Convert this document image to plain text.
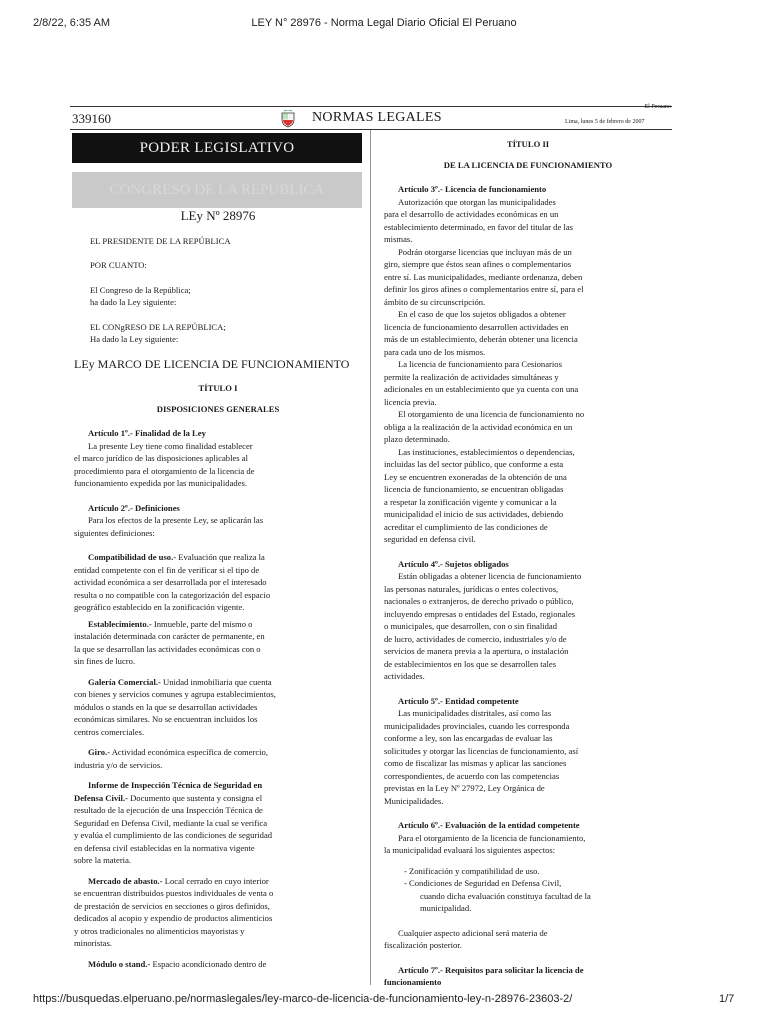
2/8/22, 6:35 AM	LEY N° 28976 - Norma Legal Diario Oficial El Peruano
https://busquedas.elperuano.pe/normaslegales/ley-marco-de-licencia-de-funcionamiento-ley-n-28976-23603-2/	1/7
339160	NORMAS LEGALES
El Peruano
Lima, lunes 5 de febrero de 2007
PODER LEGISLATIVO
CONGRESO DE LA REPUBLICA

LEy Nº 28976

EL PRESIDENTE DE LA REPÚBLICA

POR CUANTO:

El Congreso de la República;

ha dado la Ley siguiente:

EL CONgRESO DE LA REPÚBLICA;

Ha dado la Ley siguiente:

LEy MARCO DE LICENCIA DE FUNCIONAMIENTO

TÍTULO I

DISPOSICIONES GENERALES

Artículo 1º.- Finalidad de la Ley

La presente Ley tiene como finalidad establecer

el marco jurídico de las disposiciones aplicables al

procedimiento para el otorgamiento de la licencia de

funcionamiento expedida por las municipalidades.

Artículo 2º.- Definiciones

Para los efectos de la presente Ley, se aplicarán las

siguientes definiciones:

Compatibilidad de uso.- Evaluación que realiza la

entidad competente con el fin de verificar si el tipo de

actividad económica a ser desarrollada por el interesado

resulta o no compatible con la categorización del espacio

geográfico establecido en la zonificación vigente.

Establecimiento.- Inmueble, parte del mismo o

instalación determinada con carácter de permanente, en

la que se desarrollan las actividades económicas con o

sin fines de lucro.

Galería Comercial.- Unidad inmobiliaria que cuenta

con bienes y servicios comunes y agrupa establecimientos,

módulos o stands en la que se desarrollan actividades

económicas similares. No se encuentran incluidos los

centros comerciales.

Giro.- Actividad económica específica de comercio,

industria y/o de servicios.

Informe de Inspección Técnica de Seguridad en

Defensa Civil.- Documento que sustenta y consigna el

resultado de la ejecución de una Inspección Técnica de

Seguridad en Defensa Civil, mediante la cual se verifica

y evalúa el cumplimiento de las condiciones de seguridad

en defensa civil establecidas en la normativa vigente

sobre la materia.

Mercado de abasto.- Local cerrado en cuyo interior

se encuentran distribuidos puestos individuales de venta o

de prestación de servicios en secciones o giros definidos,

dedicados al acopio y expendio de productos alimenticios

y otros tradicionales no alimenticios mayoristas y

minoristas.

Módulo o stand.- Espacio acondicionado dentro de

TÍTULO II

DE LA LICENCIA DE FUNCIONAMIENTO

Artículo 3º.- Licencia de funcionamiento

Autorización que otorgan las municipalidades

para el desarrollo de actividades económicas en un

establecimiento determinado, en favor del titular de las

mismas.

Podrán otorgarse licencias que incluyan más de un

giro, siempre que éstos sean afines o complementarios

entre sí. Las municipalidades, mediante ordenanza, deben

definir los giros afines o complementarios entre sí, para el

ámbito de su circunscripción.

En el caso de que los sujetos obligados a obtener

licencia de funcionamiento desarrollen actividades en

más de un establecimiento, deberán obtener una licencia

para cada uno de los mismos.

La licencia de funcionamiento para Cesionarios

permite la realización de actividades simultáneas y

adicionales en un establecimiento que ya cuenta con una

licencia previa.

El otorgamiento de una licencia de funcionamiento no

obliga a la realización de la actividad económica en un

plazo determinado.

Las instituciones, establecimientos o dependencias,

incluidas las del sector público, que conforme a esta

Ley se encuentren exoneradas de la obtención de una

licencia de funcionamiento, se encuentran obligadas

a respetar la zonificación vigente y comunicar a la

municipalidad el inicio de sus actividades, debiendo

acreditar el cumplimiento de las condiciones de

seguridad en defensa civil.

Artículo 4º.- Sujetos obligados

Están obligadas a obtener licencia de funcionamiento

las personas naturales, jurídicas o entes colectivos,

nacionales o extranjeros, de derecho privado o público,

incluyendo empresas o entidades del Estado, regionales

o municipales, que desarrollen, con o sin finalidad

de lucro, actividades de comercio, industriales y/o de

servicios de manera previa a la apertura, o instalación

de establecimientos en los que se desarrollen tales

actividades.

Artículo 5º.- Entidad competente

Las municipalidades distritales, así como las

municipalidades provinciales, cuando les corresponda

conforme a ley, son las encargadas de evaluar las

solicitudes y otorgar las licencias de funcionamiento, así

como de fiscalizar las mismas y aplicar las sanciones

correspondientes, de acuerdo con las competencias

previstas en la Ley Nº 27972, Ley Orgánica de

Municipalidades.

Artículo 6º.- Evaluación de la entidad competente

Para el otorgamiento de la licencia de funcionamiento,

la municipalidad evaluará los siguientes aspectos:

- Zonificación y compatibilidad de uso.

- Condiciones de Seguridad en Defensa Civil,

cuando dicha evaluación constituya facultad de la

municipalidad.

Cualquier aspecto adicional será materia de

fiscalización posterior.

Artículo 7º.- Requisitos para solicitar la licencia de

funcionamiento
